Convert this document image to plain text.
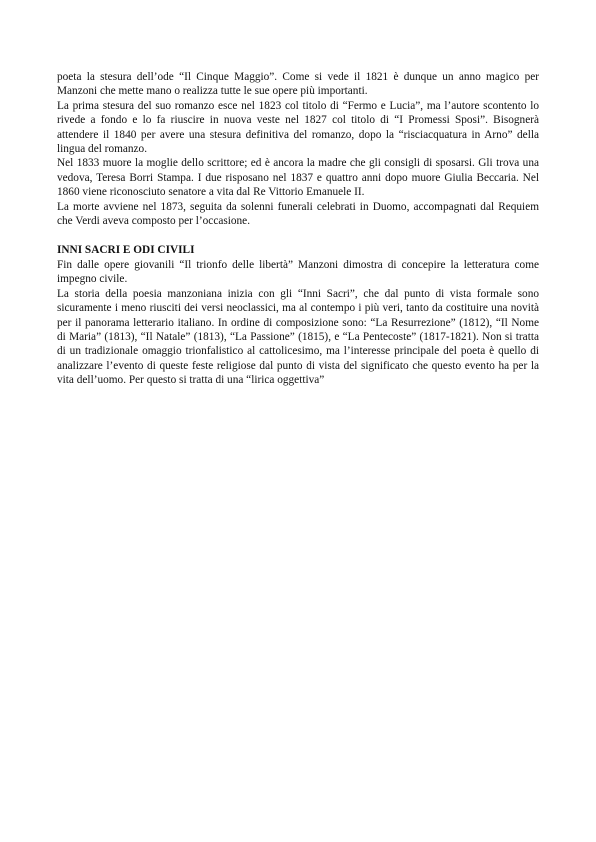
poeta la stesura dell’ode “Il Cinque Maggio”. Come si vede il 1821 è dunque un anno magico per Manzoni che mette mano o realizza tutte le sue opere più importanti.

La prima stesura del suo romanzo esce nel 1823 col titolo di “Fermo e Lucia”, ma l’autore scontento lo rivede a fondo e lo fa riuscire in nuova veste nel 1827 col titolo di “I Promessi Sposi”. Bisognerà attendere il 1840 per avere una stesura definitiva del romanzo, dopo la “risciacquatura in Arno” della lingua del romanzo.

Nel 1833 muore la moglie dello scrittore; ed è ancora la madre che gli consigli di sposarsi. Gli trova una vedova, Teresa Borri Stampa. I due risposano nel 1837 e quattro anni dopo muore Giulia Beccaria. Nel 1860 viene riconosciuto senatore a vita dal Re Vittorio Emanuele II.

La morte avviene nel 1873, seguita da solenni funerali celebrati in Duomo, accompagnati dal Requiem che Verdi aveva composto per l’occasione.

INNI SACRI E ODI CIVILI

Fin dalle opere giovanili “Il trionfo delle libertà” Manzoni dimostra di concepire la letteratura come impegno civile.

La storia della poesia manzoniana inizia con gli “Inni Sacri”, che dal punto di vista formale sono sicuramente i meno riusciti dei versi neoclassici, ma al contempo i più veri, tanto da costituire una novità per il panorama letterario italiano. In ordine di composizione sono: “La Resurrezione” (1812), “Il Nome di Maria” (1813), “Il Natale” (1813), “La Passione” (1815), e “La Pentecoste” (1817-1821). Non si tratta di un tradizionale omaggio trionfalistico al cattolicesimo, ma l’interesse principale del poeta è quello di analizzare l’evento di queste feste religiose dal punto di vista del significato che questo evento ha per la vita dell’uomo. Per questo si tratta di una “lirica oggettiva”
